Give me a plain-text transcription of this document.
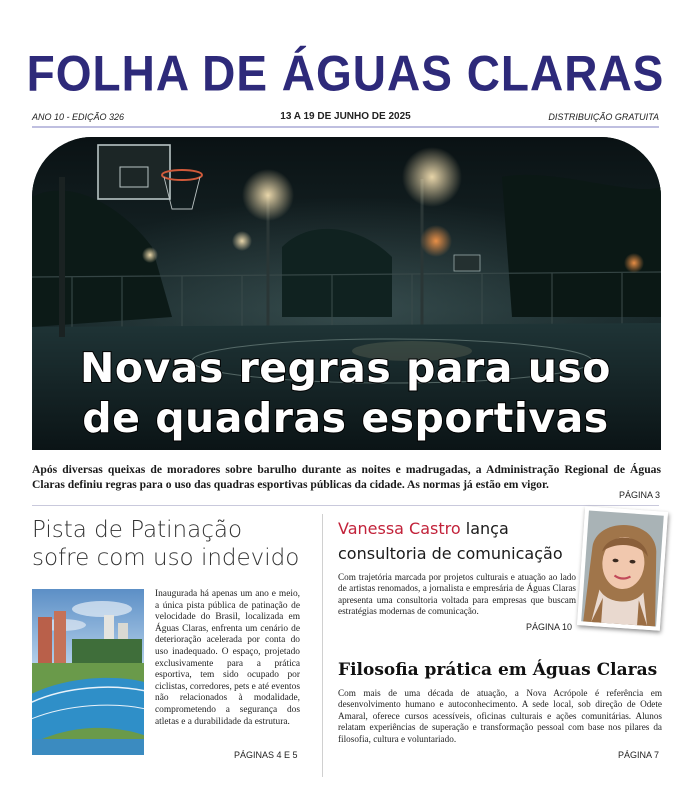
FOLHA DE ÁGUAS CLARAS
ANO 10 - EDIÇÃO 326	13 A 19 DE JUNHO DE 2025	DISTRIBUIÇÃO GRATUITA
Novas regras para uso
de quadras esportivas
Após diversas queixas de moradores sobre barulho durante as noites e madrugadas, a Administração Regional de Águas Claras definiu regras para o uso das quadras esportivas públicas da cidade. As normas já estão em vigor.
PÁGINA 3
Pista de Patinação
sofre com uso indevido
Inaugurada há apenas um ano e meio, a única pista pública de patinação de velocidade do Brasil, localizada em Águas Claras, enfrenta um cenário de deterioração acelerada por conta do uso inadequado. O espaço, projetado exclusivamente para a prática esportiva, tem sido ocupado por ciclistas, corredores, pets e até eventos não relacionados à modalidade, comprometendo a segurança dos atletas e a durabilidade da estrutura.
PÁGINAS 4 E 5
Vanessa Castro lança
consultoria de comunicação
Com trajetória marcada por projetos culturais e atuação ao lado de artistas renomados, a jornalista e empresária de Águas Claras apresenta uma consultoria voltada para empresas que buscam estratégias modernas de comunicação.
PÁGINA 10
Filosofia prática em Águas Claras
Com mais de uma década de atuação, a Nova Acrópole é referência em desenvolvimento humano e autoconhecimento. A sede local, sob direção de Odete Amaral, oferece cursos acessíveis, oficinas culturais e ações comunitárias. Alunos relatam experiências de superação e transformação pessoal com base nos pilares da filosofia, cultura e voluntariado.
PÁGINA 7
